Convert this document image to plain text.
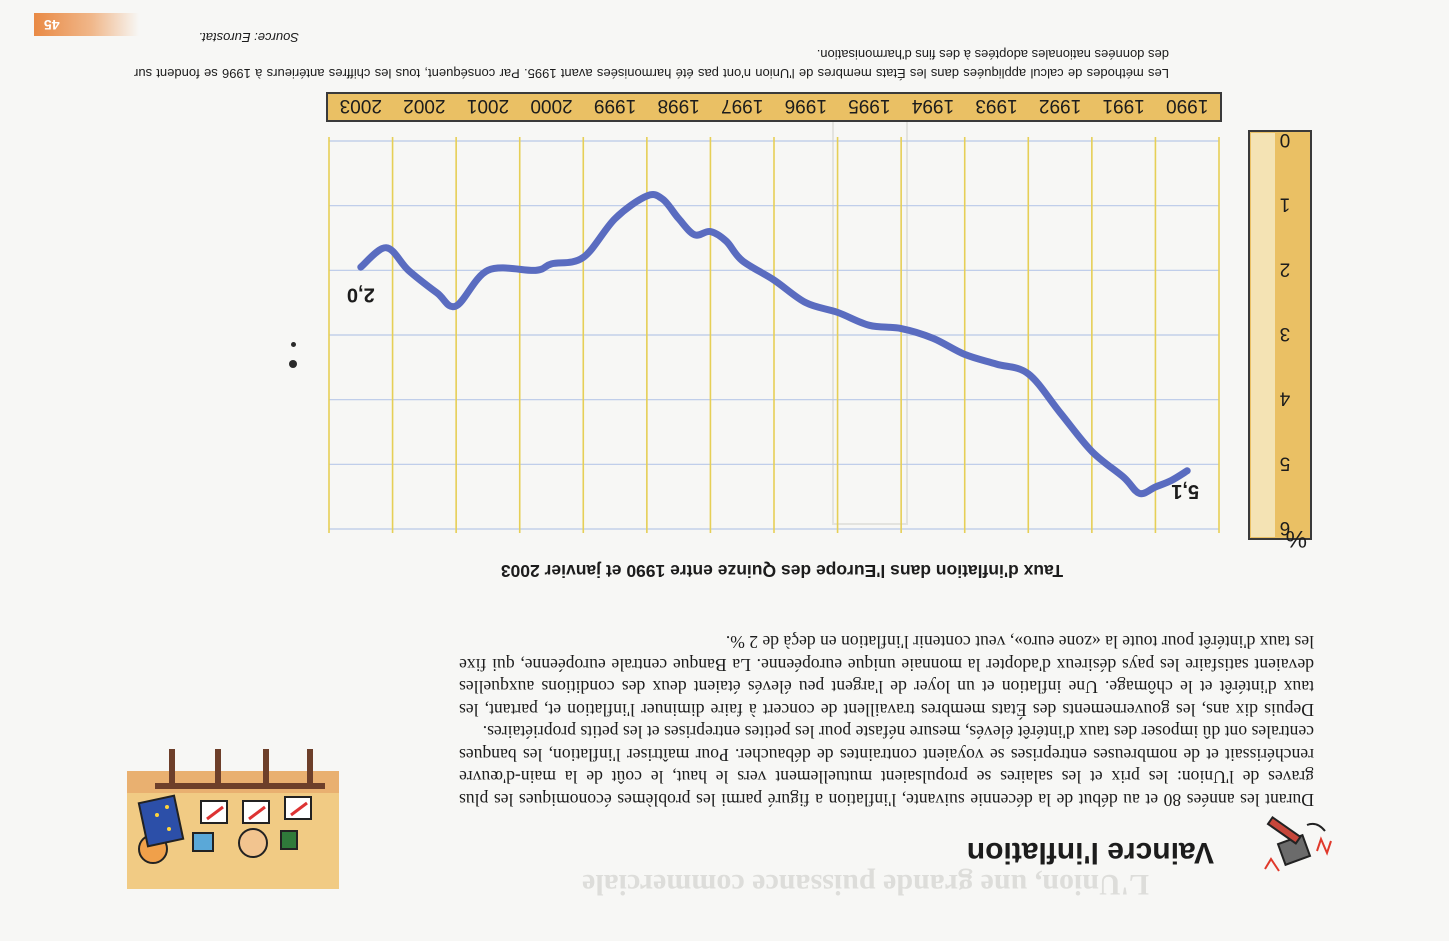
L'Union, une grande puissance commerciale
45
Vaincre l'inflation

Durant les années 80 et au début de la décennie suivante, l'inflation a figuré parmi les problèmes économiques les plus graves de l'Union: les prix et les salaires se propulsaient mutuellement vers le haut, le coût de la main-d'œuvre renchérissait et de nombreuses entreprises se voyaient contraintes de débaucher. Pour maîtriser l'inflation, les banques centrales ont dû imposer des taux d'intérêt élevés, mesure néfaste pour les petites entreprises et les petits propriétaires.

Depuis dix ans, les gouvernements des États membres travaillent de concert à faire diminuer l'inflation et, partant, les taux d'intérêt et le chômage. Une inflation et un loyer de l'argent peu élevés étaient deux des conditions auxquelles devaient satisfaire les pays désireux d'adopter la monnaie unique européenne. La Banque centrale européenne, qui fixe les taux d'intérêt pour toute la «zone euro», veut contenir l'inflation en deçà de 2 %.

Taux d'inflation dans l'Europe des Quinze entre 1990 et janvier 2003
0
1
2
3
4
5
6
1990
1991
1992
1993
1994
1995
1996
1997
1998
1999
2000
2001
2002
2003
5,1
2,0
%
Les méthodes de calcul appliquées dans les États membres de l'Union n'ont pas été harmonisées avant 1995. Par conséquent, tous les chiffres antérieurs à 1996 se fondent sur des données nationales adoptées à des fins d'harmonisation.
Source: Eurostat.
